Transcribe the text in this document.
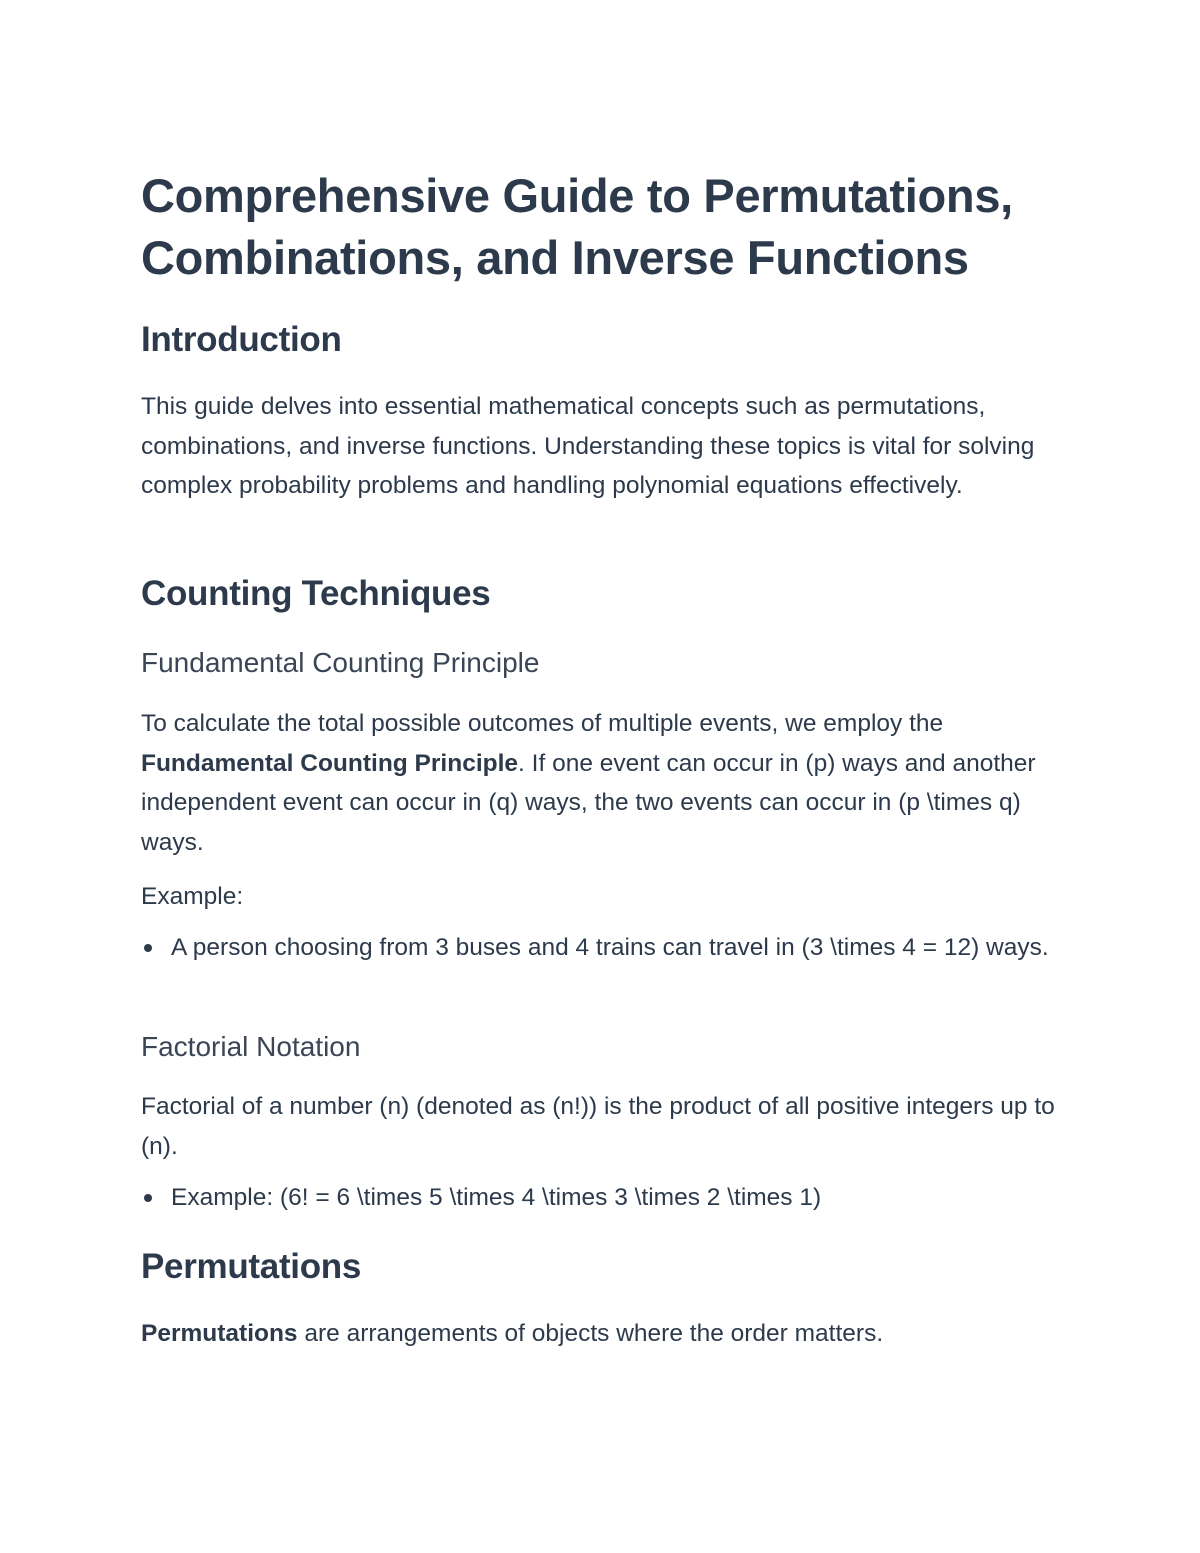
Comprehensive Guide to Permutations, Combinations, and Inverse Functions
Introduction

This guide delves into essential mathematical concepts such as permutations, combinations, and inverse functions. Understanding these topics is vital for solving complex probability problems and handling polynomial equations effectively.

Counting Techniques
Fundamental Counting Principle

To calculate the total possible outcomes of multiple events, we employ the Fundamental Counting Principle. If one event can occur in (p) ways and another independent event can occur in (q) ways, the two events can occur in (p \times q) ways.

Example:

A person choosing from 3 buses and 4 trains can travel in (3 \times 4 = 12) ways.
Factorial Notation

Factorial of a number (n) (denoted as (n!)) is the product of all positive integers up to (n).

Example: (6! = 6 \times 5 \times 4 \times 3 \times 2 \times 1)
Permutations

Permutations are arrangements of objects where the order matters.
